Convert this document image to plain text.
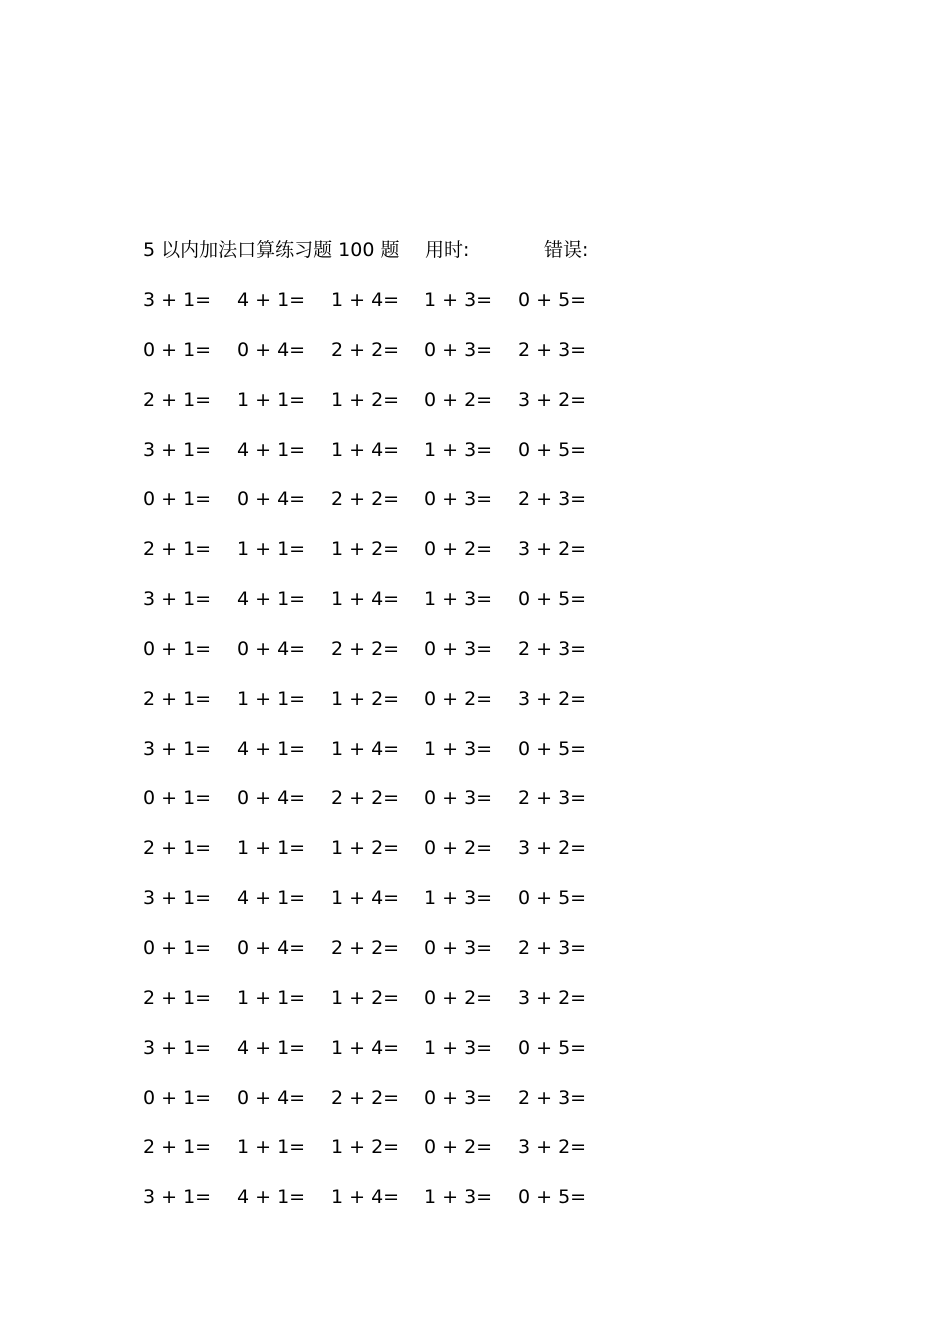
5 以内加法口算练习题 100 题 用时:	错误:
3 + 1= 4 + 1= 1 + 4= 1 + 3= 0 + 5=
0 + 1= 0 + 4= 2 + 2= 0 + 3= 2 + 3=
2 + 1= 1 + 1= 1 + 2= 0 + 2= 3 + 2=
3 + 1= 4 + 1= 1 + 4= 1 + 3= 0 + 5=
0 + 1= 0 + 4= 2 + 2= 0 + 3= 2 + 3=
2 + 1= 1 + 1= 1 + 2= 0 + 2= 3 + 2=
3 + 1= 4 + 1= 1 + 4= 1 + 3= 0 + 5=
0 + 1= 0 + 4= 2 + 2= 0 + 3= 2 + 3=
2 + 1= 1 + 1= 1 + 2= 0 + 2= 3 + 2=
3 + 1= 4 + 1= 1 + 4= 1 + 3= 0 + 5=
0 + 1= 0 + 4= 2 + 2= 0 + 3= 2 + 3=
2 + 1= 1 + 1= 1 + 2= 0 + 2= 3 + 2=
3 + 1= 4 + 1= 1 + 4= 1 + 3= 0 + 5=
0 + 1= 0 + 4= 2 + 2= 0 + 3= 2 + 3=
2 + 1= 1 + 1= 1 + 2= 0 + 2= 3 + 2=
3 + 1= 4 + 1= 1 + 4= 1 + 3= 0 + 5=
0 + 1= 0 + 4= 2 + 2= 0 + 3= 2 + 3=
2 + 1= 1 + 1= 1 + 2= 0 + 2= 3 + 2=
3 + 1= 4 + 1= 1 + 4= 1 + 3= 0 + 5=
